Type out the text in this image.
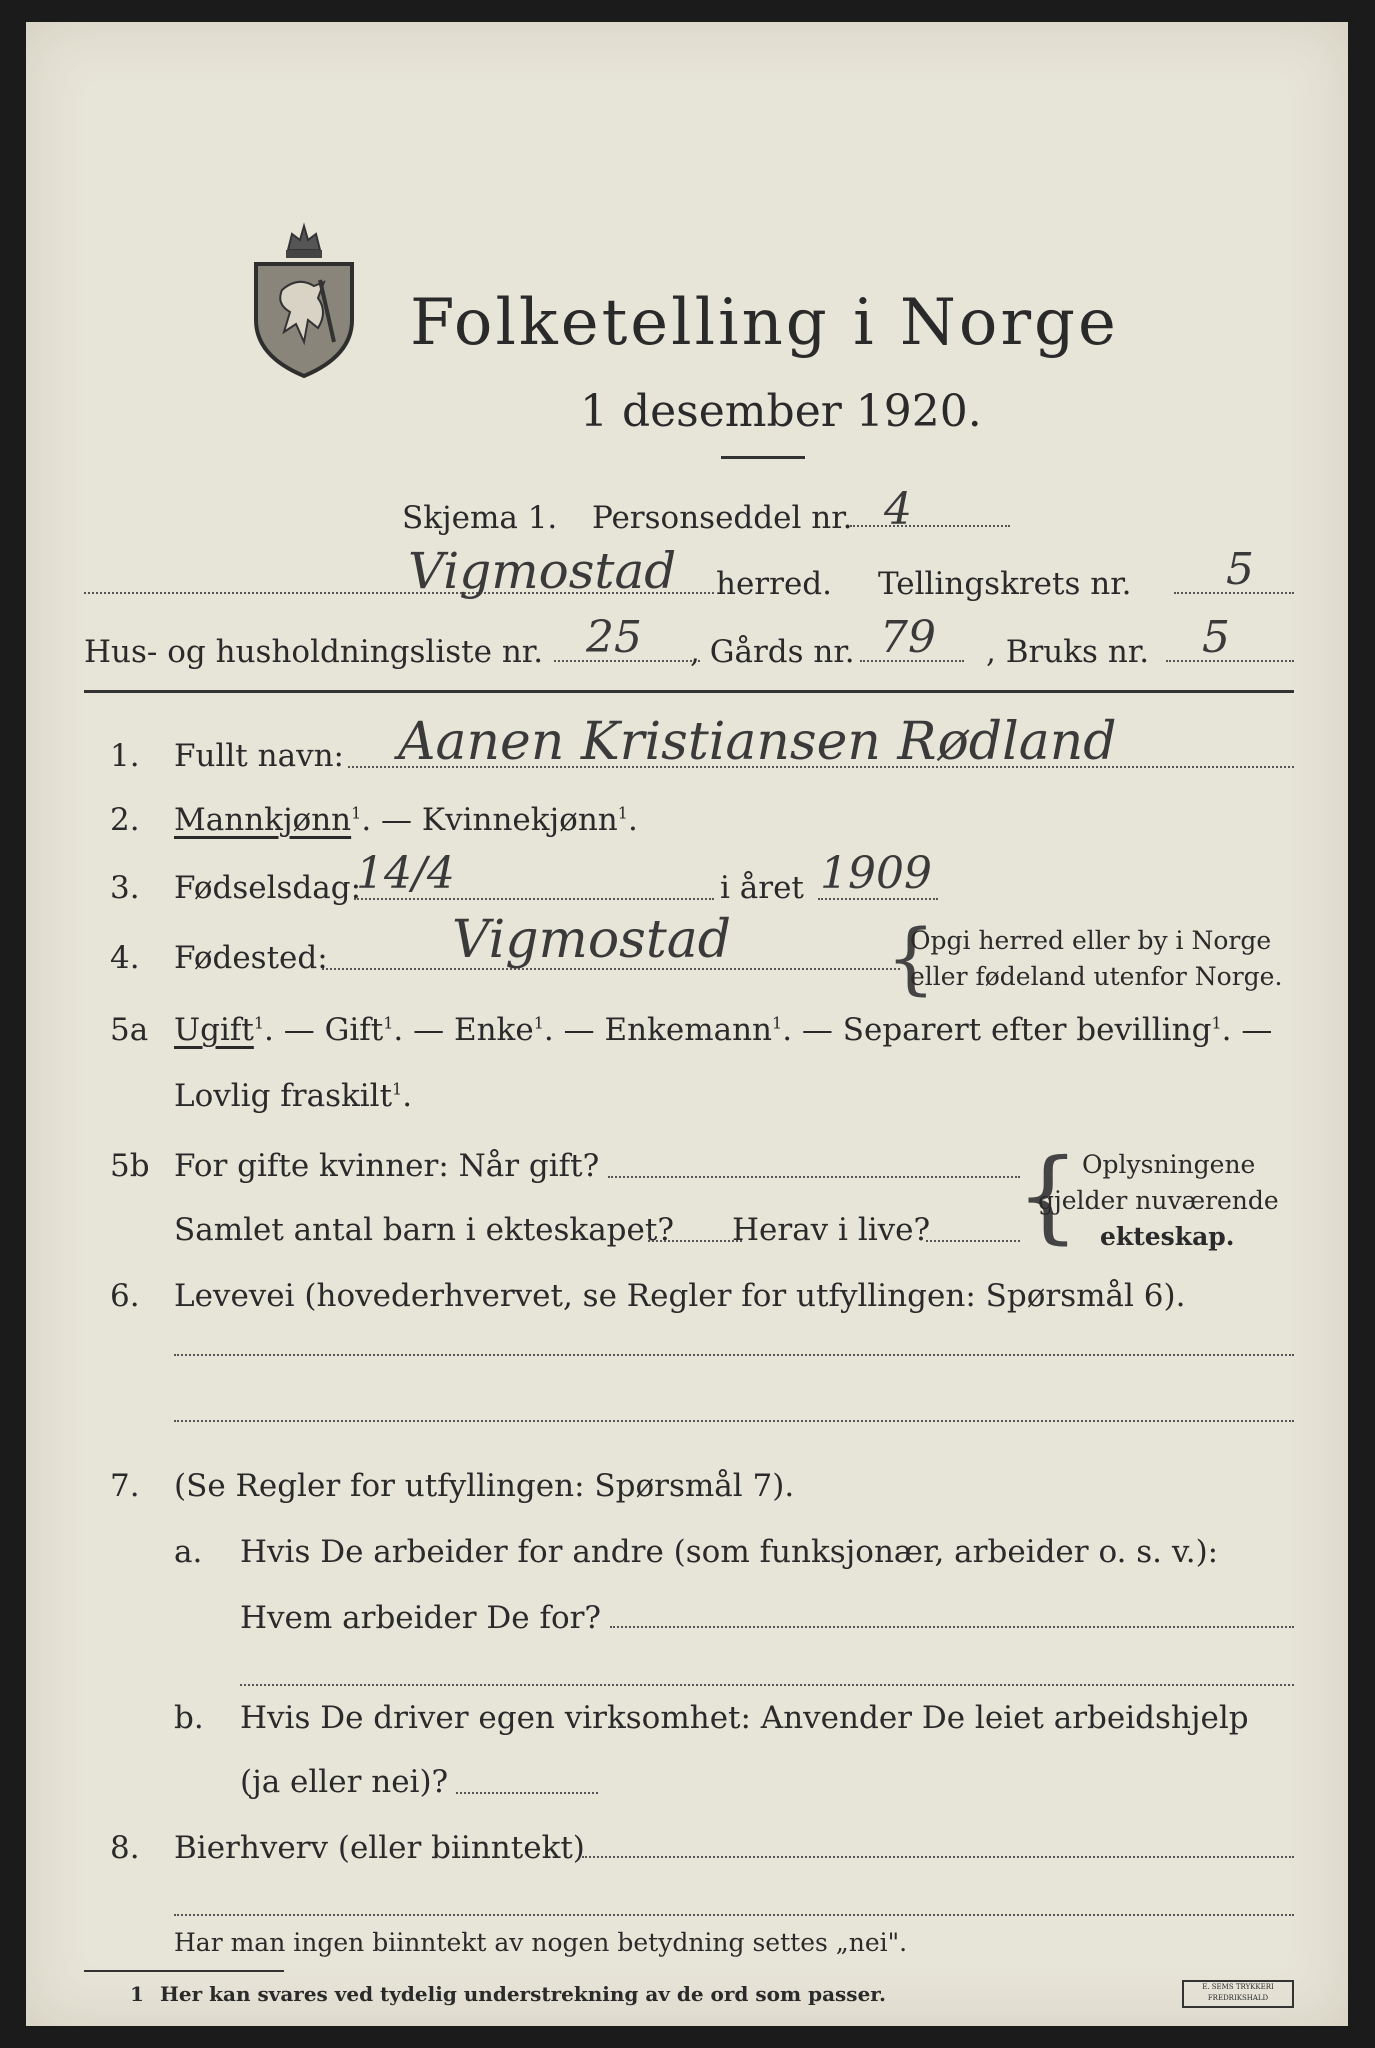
Folketelling i Norge
1 desember 1920.
Skjema 1. Personseddel nr. 4
Vigmostad herred. Tellingskrets nr. 5
Hus- og husholdningsliste nr. 25 , Gårds nr. 79 , Bruks nr. 5
1. Fullt navn: Aanen Kristiansen Rødland
2. Mannkjønn$^1$. — Kvinnekjønn$^1$.
3. Fødselsdag:
14/4	i året 1909
4. Fødested: Vigmostad {
Opgi herred eller by i Norge
eller fødeland utenfor Norge.
5a Ugift$^1$. — Gift$^1$. — Enke$^1$. — Enkemann$^1$. — Separert efter bevilling$^1$. —
Lovlig fraskilt$^1$.
5b For gifte kvinner: Når gift?
Samlet antal barn i ekteskapet? Herav i live? { Oplysningene
gjelder nuværende
ekteskap.
6. Levevei (hovederhvervet, se Regler for utfyllingen: Spørsmål 6).
7. (Se Regler for utfyllingen: Spørsmål 7).
a. Hvis De arbeider for andre (som funksjonær, arbeider o. s. v.):
Hvem arbeider De for?
b. Hvis De driver egen virksomhet: Anvender De leiet arbeidshjelp
(ja eller nei)?
8. Bierhverv (eller biinntekt)
Har man ingen biinntekt av nogen betydning settes „nei".
1 Her kan svares ved tydelig understrekning av de ord som passer.	E. SEMS TRYKKERI FREDRIKSHALD
